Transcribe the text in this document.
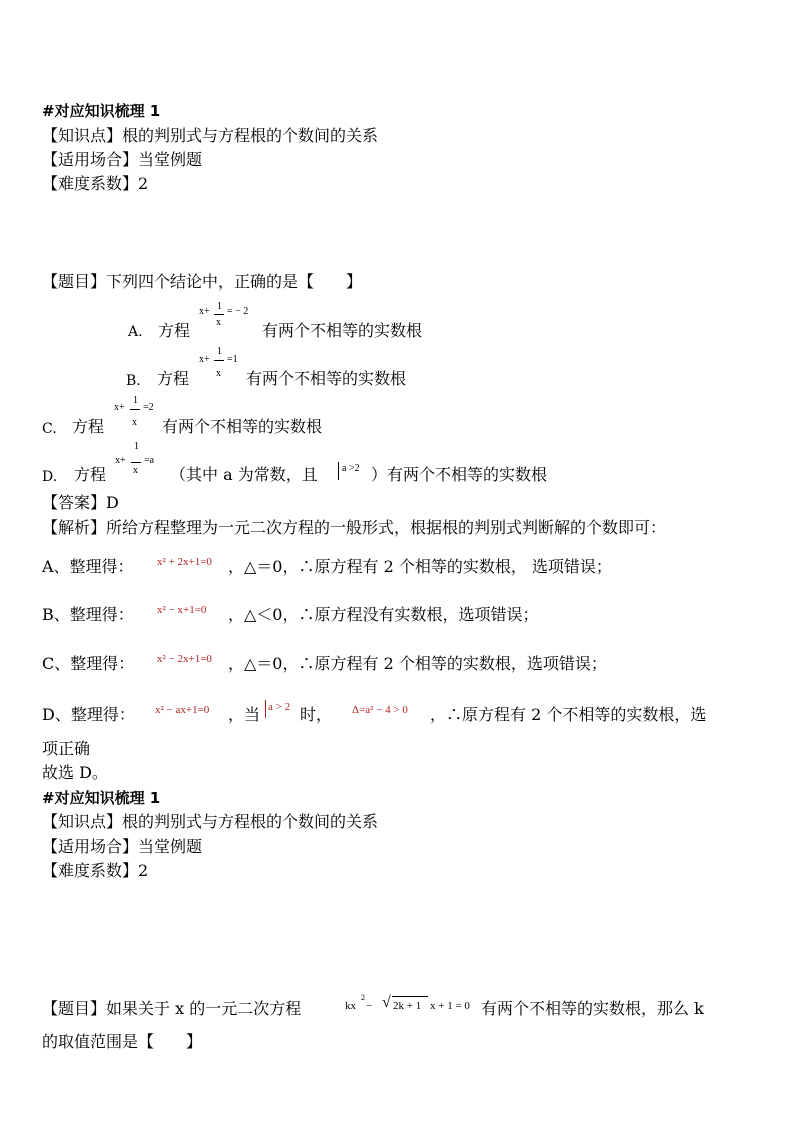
#对应知识梳理 1
【知识点】根的判别式与方程根的个数间的关系
【适用场合】当堂例题
【难度系数】2
【题目】下列四个结论中，正确的是【　　】
A. 方程
x+ 1
x
= − 2
有两个不相等的实数根
B. 方程
x+
1
x
=1
有两个不相等的实数根
C. 方程
x+
1
x
=2
有两个不相等的实数根
D. 方程
x+
1
x
=a
（其中 a 为常数，且 a >2 ）有两个不相等的实数根
【答案】D
【解析】所给方程整理为一元二次方程的一般形式，根据根的判别式判断解的个数即可：
A、整理得： x² + 2x+1=0 ，△＝0，∴原方程有 2 个相等的实数根， 选项错误；
B、整理得： x² − x+1=0 ，△＜0，∴原方程没有实数根，选项错误；
C、整理得： x² − 2x+1=0 ，△＝0，∴原方程有 2 个相等的实数根，选项错误；
D、整理得： x² − ax+1=0 ，当 a > 2 时， Δ=a² − 4 > 0 ，∴原方程有 2 个不相等的实数根，选
项正确
故选 D。
#对应知识梳理 1
【知识点】根的判别式与方程根的个数间的关系
【适用场合】当堂例题
【难度系数】2
【题目】如果关于 x 的一元二次方程	kx
2
− √ 2k + 1 x + 1 = 0 有两个不相等的实数根，那么 k
的取值范围是【　　】
